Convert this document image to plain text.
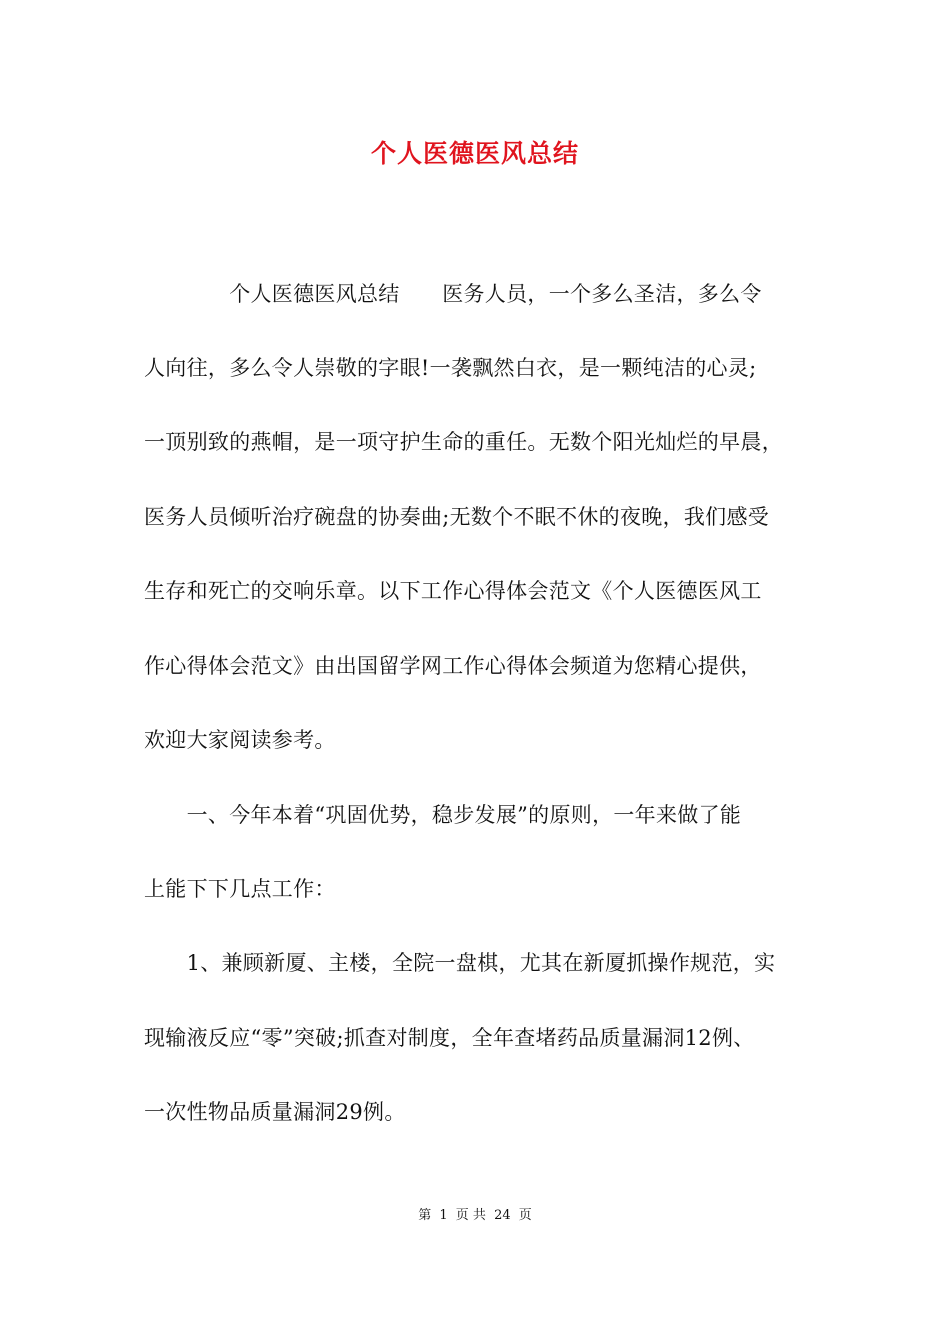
个人医德医风总结
　　　　个人医德医风总结　　医务人员，一个多么圣洁，多么令
人向往，多么令人崇敬的字眼!一袭飘然白衣，是一颗纯洁的心灵;
一顶别致的燕帽，是一项守护生命的重任。无数个阳光灿烂的早晨，
医务人员倾听治疗碗盘的协奏曲;无数个不眠不休的夜晚，我们感受
生存和死亡的交响乐章。以下工作心得体会范文《个人医德医风工
作心得体会范文》由出国留学网工作心得体会频道为您精心提供，
欢迎大家阅读参考。
　　一、今年本着“巩固优势，稳步发展”的原则，一年来做了能
上能下下几点工作：
　　1、兼顾新厦、主楼，全院一盘棋，尤其在新厦抓操作规范，实
现输液反应“零”突破;抓查对制度，全年查堵药品质量漏洞12例、
一次性物品质量漏洞29例。
第 1 页 共 24 页
